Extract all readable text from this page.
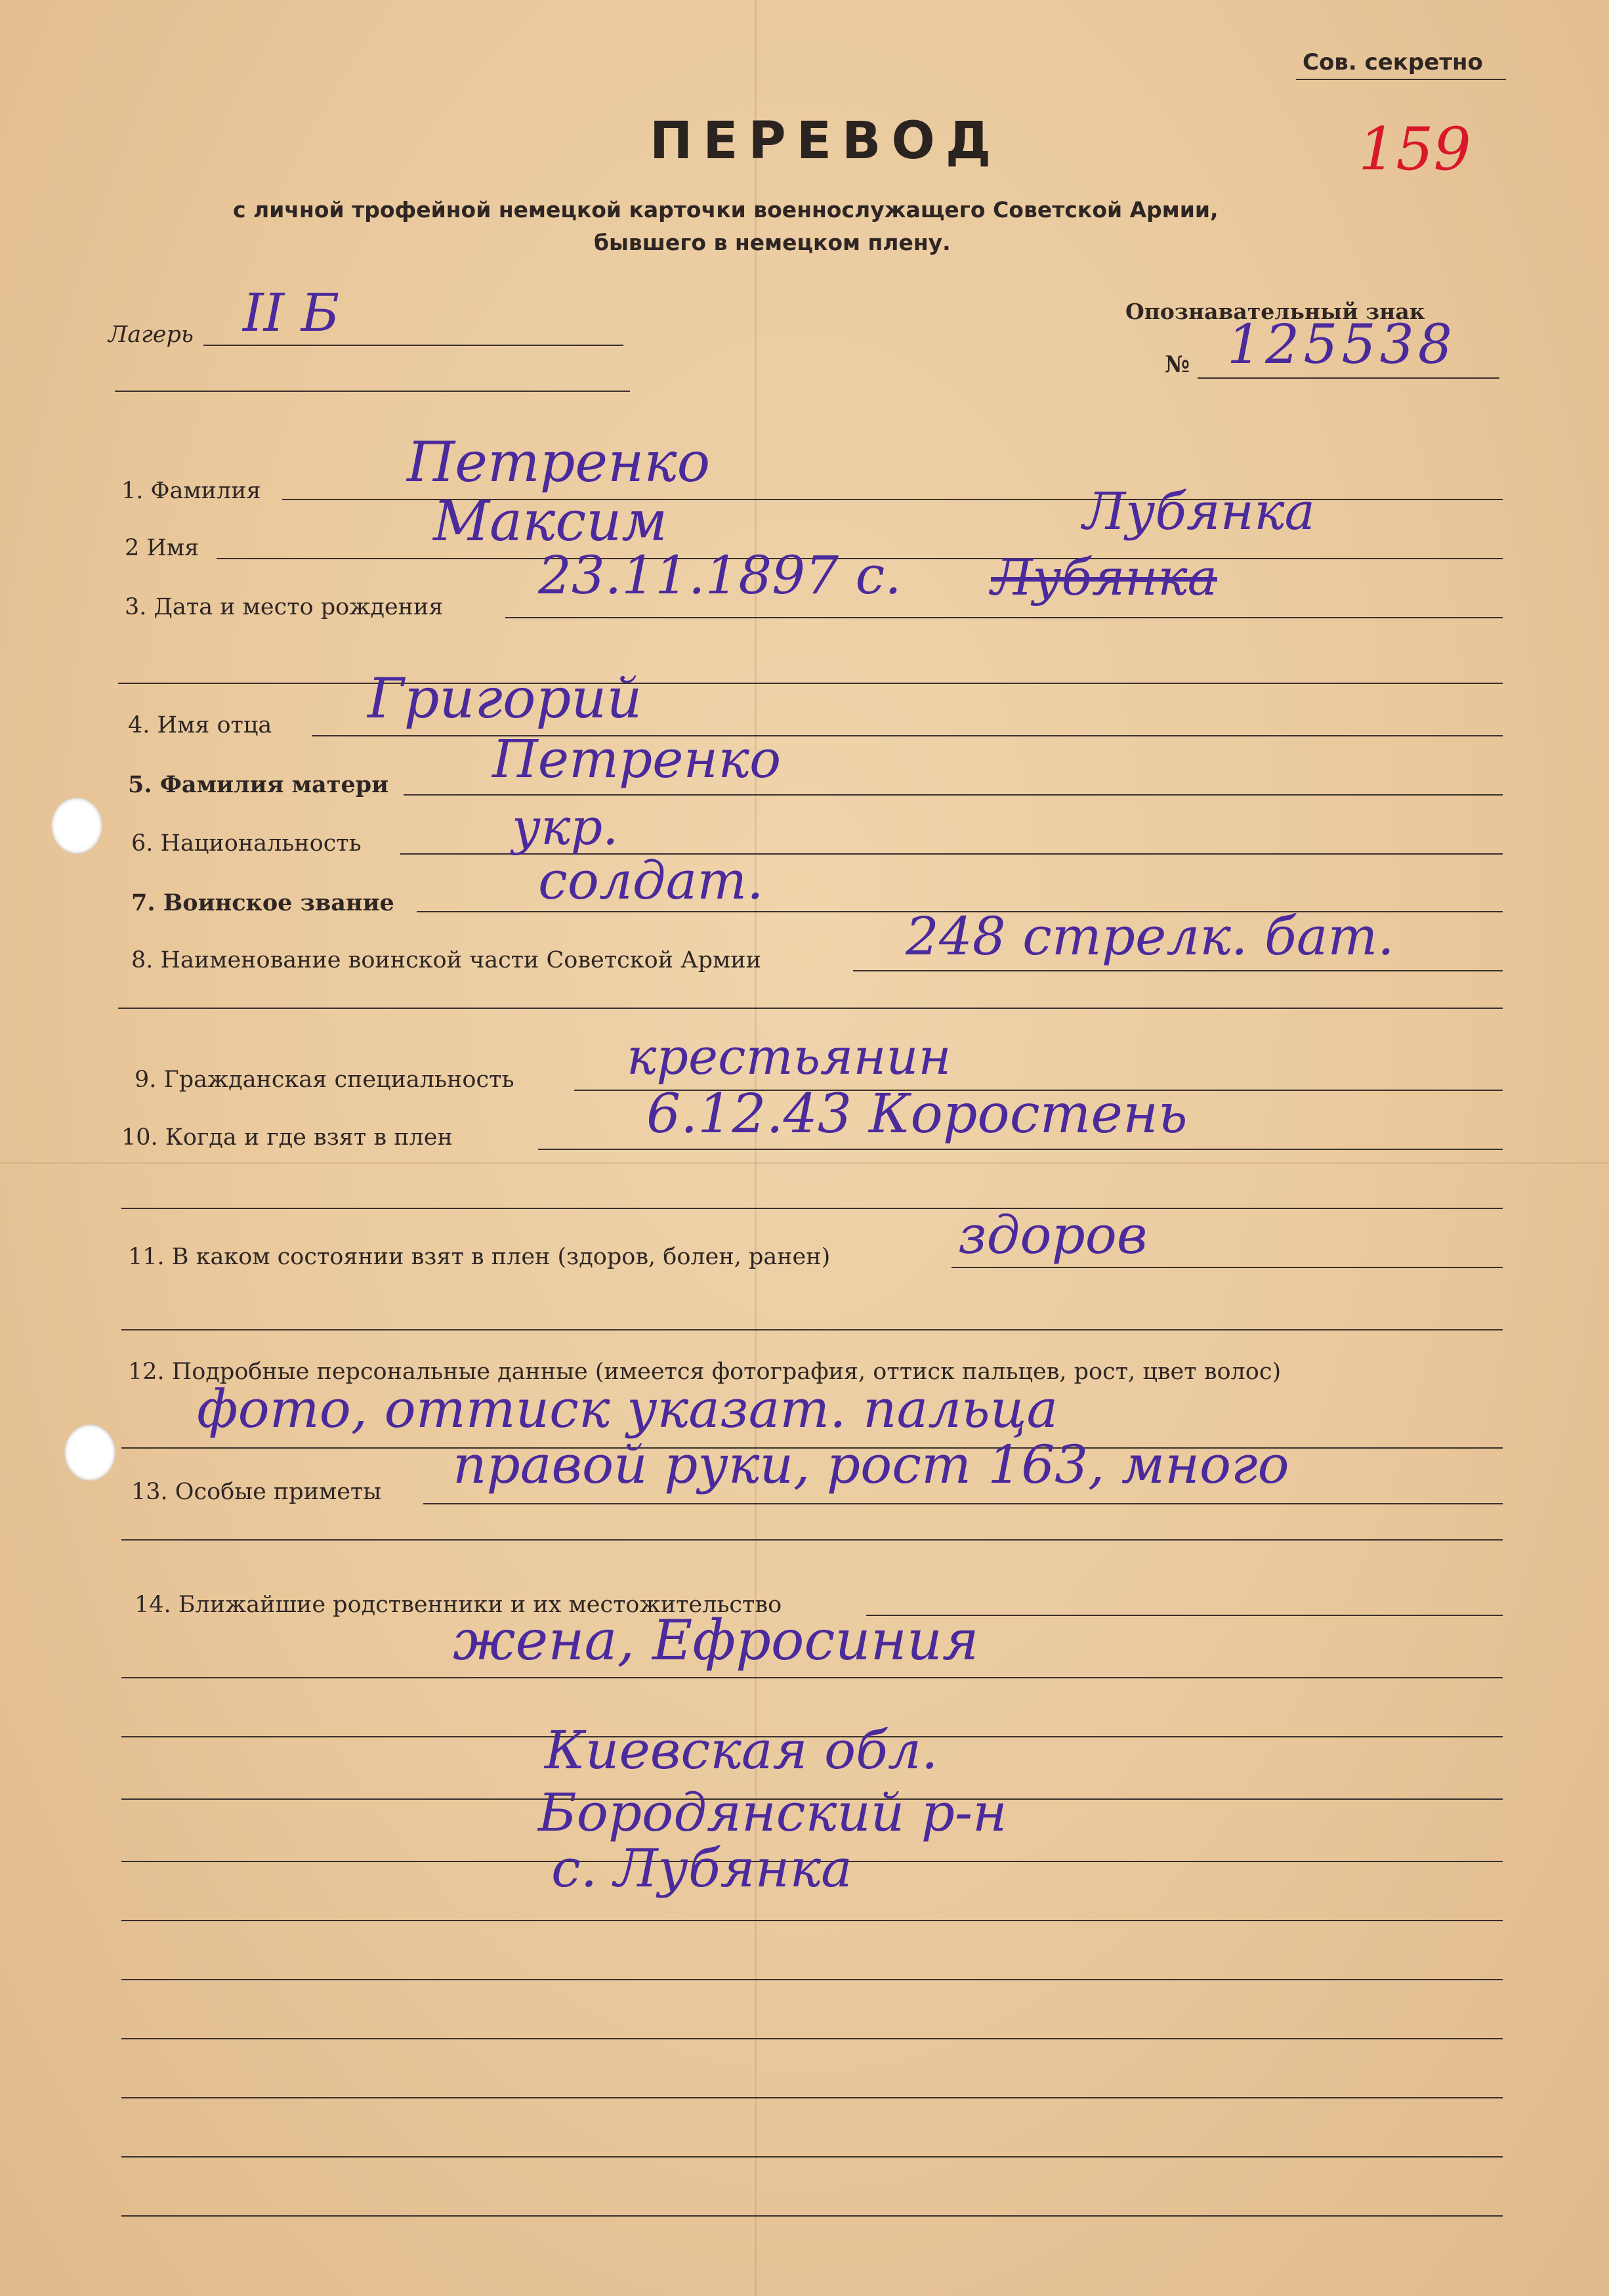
Сов. секретно
159
ПЕРЕВОД
с личной трофейной немецкой карточки военнослужащего Советской Армии,
бывшего в немецком плену.
Лагерь II Б	Опознавательный знак
№ 125538
1. Фамилия	Петренко
2 Имя	Максим	Лубянка
3. Дата и место рождения
23.11.1897 с. Лубянка
4. Имя отца Григорий
5. Фамилия матери Петренко
6. Национальность	укр.
7. Воинское звание	солдат.
8. Наименование воинской части Советской Армии	248 стрелк. бат.
9. Гражданская специальность крестьянин
10. Когда и где взят в плен	6.12.43 Коростень
11. В каком состоянии взят в плен (здоров, болен, ранен) здоров
12. Подробные персональные данные (имеется фотография, оттиск пальцев, рост, цвет волос)
фото, оттиск указат. пальца
13. Особые приметы правой руки, рост 163, много
14. Ближайшие родственники и их местожительство
жена, Ефросиния
Киевская обл.
Бородянский р-н
с. Лубянка
